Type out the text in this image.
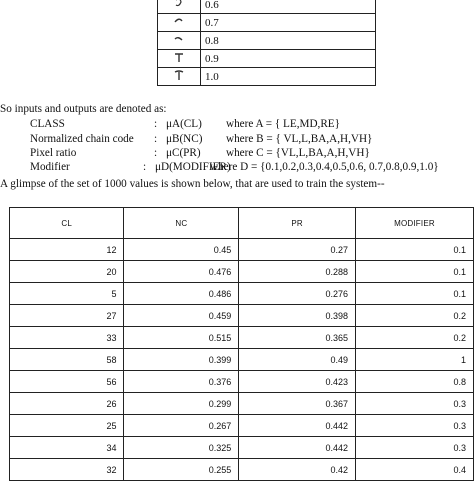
	0.6
	0.7
	0.8
	0.9
	1.0
So inputs and outputs are denoted as:
CLASS	: μA(CL) where A = { LE,MD,RE}
Normalized chain code : μB(NC) where B = { VL,L,BA,A,H,VH}
Pixel ratio	: μC(PR) where C = {VL,L,BA,A,H,VH}
Modifier	: μD(MODIFIER)
where D = {0.1,0.2,0.3,0.4,0.5,0.6, 0.7,0.8,0.9,1.0}
A glimpse of the set of 1000 values is shown below, that are used to train the system--
CL	NC	PR	MODIFIER
12	0.45	0.27	0.1
20	0.476	0.288	0.1
5	0.486	0.276	0.1
27	0.459	0.398	0.2
33	0.515	0.365	0.2
58	0.399	0.49	1
56	0.376	0.423	0.8
26	0.299	0.367	0.3
25	0.267	0.442	0.3
34	0.325	0.442	0.3
32	0.255	0.42	0.4
